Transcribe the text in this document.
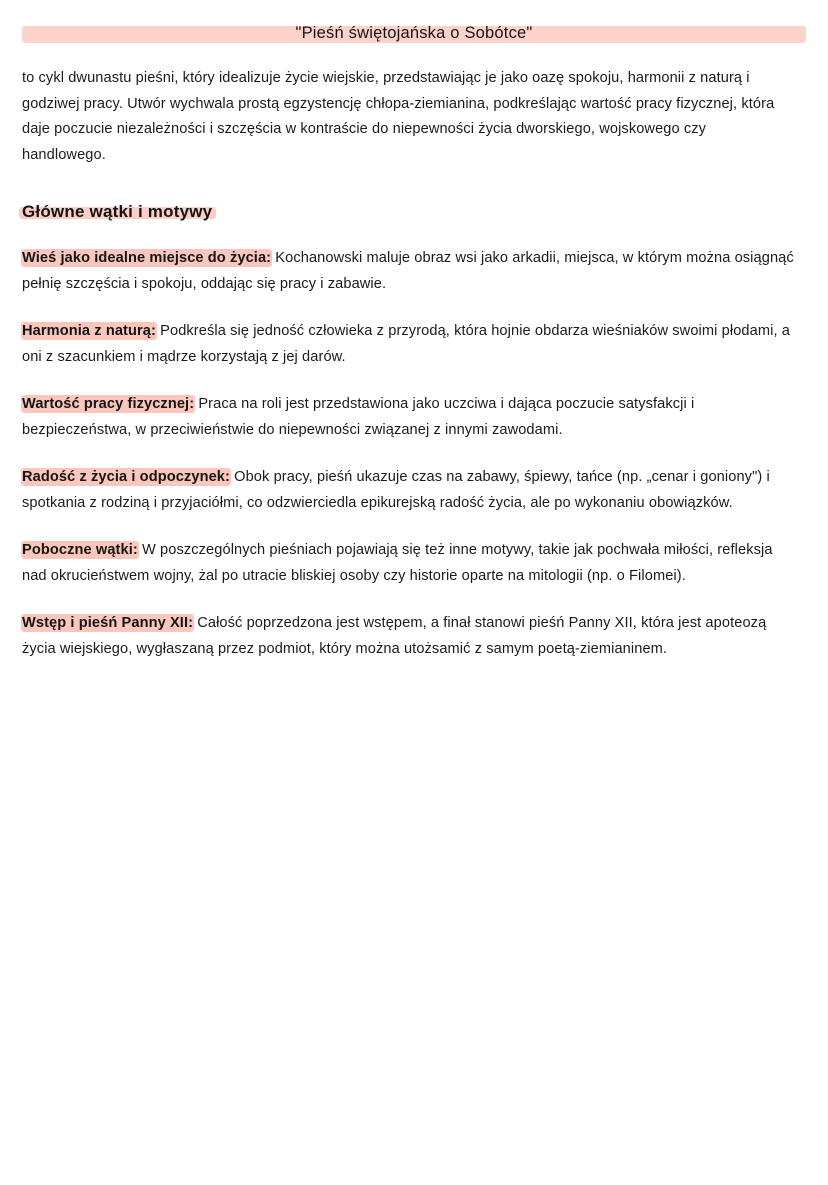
"Pieśń świętojańska o Sobótce"

to cykl dwunastu pieśni, który idealizuje życie wiejskie, przedstawiając je jako oazę spokoju, harmonii z naturą i godziwej pracy. Utwór wychwala prostą egzystencję chłopa-ziemianina, podkreślając wartość pracy fizycznej, która daje poczucie niezależności i szczęścia w kontraście do niepewności życia dworskiego, wojskowego czy handlowego.

Główne wątki i motywy
Wieś jako idealne miejsce do życia: Kochanowski maluje obraz wsi jako arkadii, miejsca, w którym można osiągnąć pełnię szczęścia i spokoju, oddając się pracy i zabawie.
Harmonia z naturą: Podkreśla się jedność człowieka z przyrodą, która hojnie obdarza wieśniaków swoimi płodami, a oni z szacunkiem i mądrze korzystają z jej darów.
Wartość pracy fizycznej: Praca na roli jest przedstawiona jako uczciwa i dająca poczucie satysfakcji i bezpieczeństwa, w przeciwieństwie do niepewności związanej z innymi zawodami.
Radość z życia i odpoczynek: Obok pracy, pieśń ukazuje czas na zabawy, śpiewy, tańce (np. „cenar i goniony") i spotkania z rodziną i przyjaciółmi, co odzwierciedla epikurejską radość życia, ale po wykonaniu obowiązków.
Poboczne wątki: W poszczególnych pieśniach pojawiają się też inne motywy, takie jak pochwała miłości, refleksja nad okrucieństwem wojny, żal po utracie bliskiej osoby czy historie oparte na mitologii (np. o Filomei).
Wstęp i pieśń Panny XII: Całość poprzedzona jest wstępem, a finał stanowi pieśń Panny XII, która jest apoteozą życia wiejskiego, wygłaszaną przez podmiot, który można utożsamić z samym poetą-ziemianinem.
